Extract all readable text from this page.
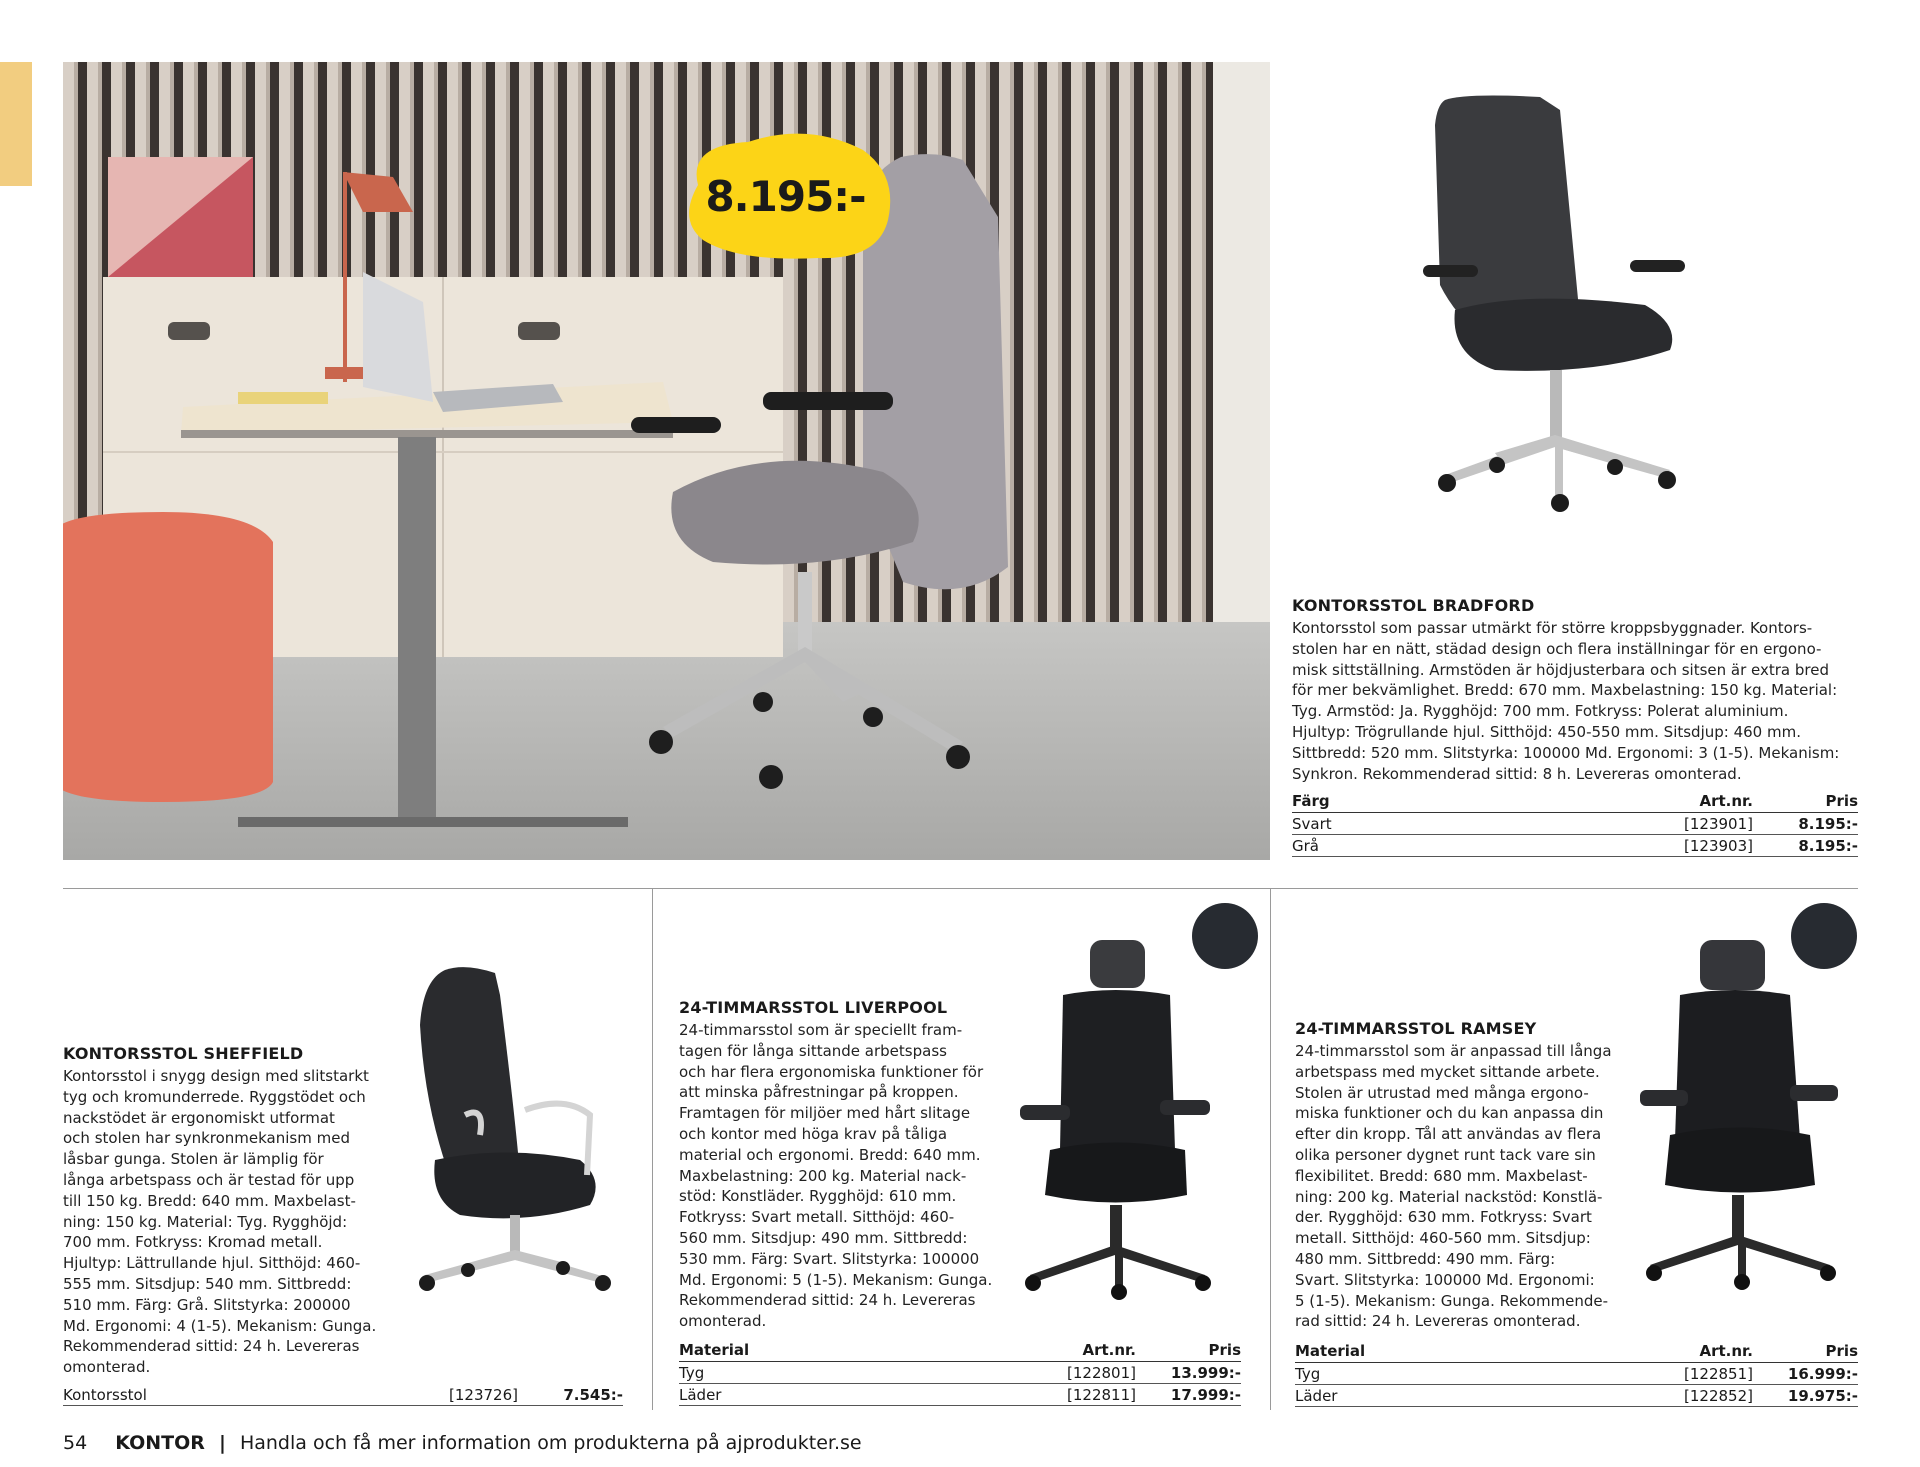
8.195:-
KONTORSSTOL BRADFORD
Kontorsstol som passar utmärkt för större kroppsbyggnader. Kontors-
stolen har en nätt, städad design och flera inställningar för en ergono-
misk sittställning. Armstöden är höjdjusterbara och sitsen är extra bred
för mer bekvämlighet. Bredd: 670 mm. Maxbelastning: 150 kg. Material:
Tyg. Armstöd: Ja. Rygghöjd: 700 mm. Fotkryss: Polerat aluminium.
Hjultyp: Trögrullande hjul. Sitthöjd: 450-550 mm. Sitsdjup: 460 mm.
Sittbredd: 520 mm. Slitstyrka: 100000 Md. Ergonomi: 3 (1-5). Mekanism:
Synkron. Rekommenderad sittid: 8 h. Levereras omonterad.
Färg	Art.nr.	Pris
Svart	[123901]	8.195:-
Grå	[123903]	8.195:-
KONTORSSTOL SHEFFIELD
Kontorsstol i snygg design med slitstarkt
tyg och kromunderrede. Ryggstödet och
nackstödet är ergonomiskt utformat
och stolen har synkronmekanism med
låsbar gunga. Stolen är lämplig för
långa arbetspass och är testad för upp
till 150 kg. Bredd: 640 mm. Maxbelast-
ning: 150 kg. Material: Tyg. Rygghöjd:
700 mm. Fotkryss: Kromad metall.
Hjultyp: Lättrullande hjul. Sitthöjd: 460-
555 mm. Sitsdjup: 540 mm. Sittbredd:
510 mm. Färg: Grå. Slitstyrka: 200000
Md. Ergonomi: 4 (1-5). Mekanism: Gunga.
Rekommenderad sittid: 24 h. Levereras
omonterad.
Kontorsstol	[123726]	7.545:-
24-TIMMARSSTOL LIVERPOOL
24-timmarsstol som är speciellt fram-
tagen för långa sittande arbetspass
och har flera ergonomiska funktioner för
att minska påfrestningar på kroppen.
Framtagen för miljöer med hårt slitage
och kontor med höga krav på tåliga
material och ergonomi. Bredd: 640 mm.
Maxbelastning: 200 kg. Material nack-
stöd: Konstläder. Rygghöjd: 610 mm.
Fotkryss: Svart metall. Sitthöjd: 460-
560 mm. Sitsdjup: 490 mm. Sittbredd:
530 mm. Färg: Svart. Slitstyrka: 100000
Md. Ergonomi: 5 (1-5). Mekanism: Gunga.
Rekommenderad sittid: 24 h. Levereras
omonterad.
Material	Art.nr.	Pris
Tyg	[122801]	13.999:-
Läder	[122811]	17.999:-
24-TIMMARSSTOL RAMSEY
24-timmarsstol som är anpassad till långa
arbetspass med mycket sittande arbete.
Stolen är utrustad med många ergono-
miska funktioner och du kan anpassa din
efter din kropp. Tål att användas av flera
olika personer dygnet runt tack vare sin
flexibilitet. Bredd: 680 mm. Maxbelast-
ning: 200 kg. Material nackstöd: Konstlä-
der. Rygghöjd: 630 mm. Fotkryss: Svart
metall. Sitthöjd: 460-560 mm. Sitsdjup:
480 mm. Sittbredd: 490 mm. Färg:
Svart. Slitstyrka: 100000 Md. Ergonomi:
5 (1-5). Mekanism: Gunga. Rekommende-
rad sittid: 24 h. Levereras omonterad.
Material	Art.nr.	Pris
Tyg	[122851]	16.999:-
Läder	[122852]	19.975:-
54 KONTOR | Handla och få mer information om produkterna på ajprodukter.se
